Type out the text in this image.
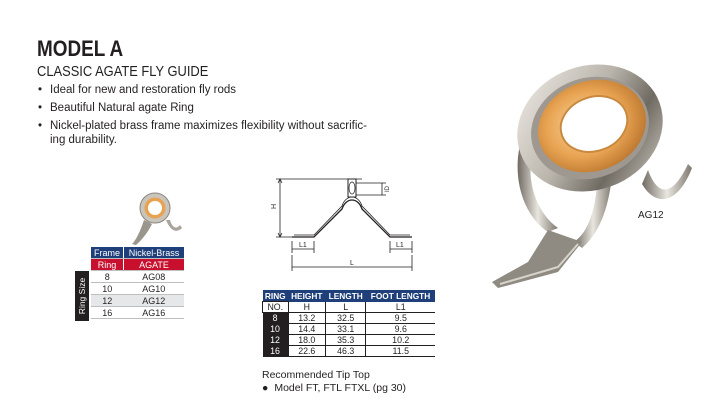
MODEL A
CLASSIC AGATE FLY GUIDE
• Ideal for new and restoration fly rods
• Beautiful Natural agate Ring
• Nickel-plated brass frame maximizes flexibility without sacrific-ing durability.
Ring Size
Frame	Nickel-Brass
Ring	AGATE
8	AG08
10	AG10
12	AG12
16	AG16
H
ID
L1	L1
L
RING	HEIGHT	LENGTH	FOOT LENGTH
NO.	H	L	L1
8	13.2	32.5	9.5
10	14.4	33.1	9.6
12	18.0	35.3	10.2
16	22.6	46.3	11.5
Recommended Tip Top
● Model FT, FTL FTXL (pg 30)
AG12
